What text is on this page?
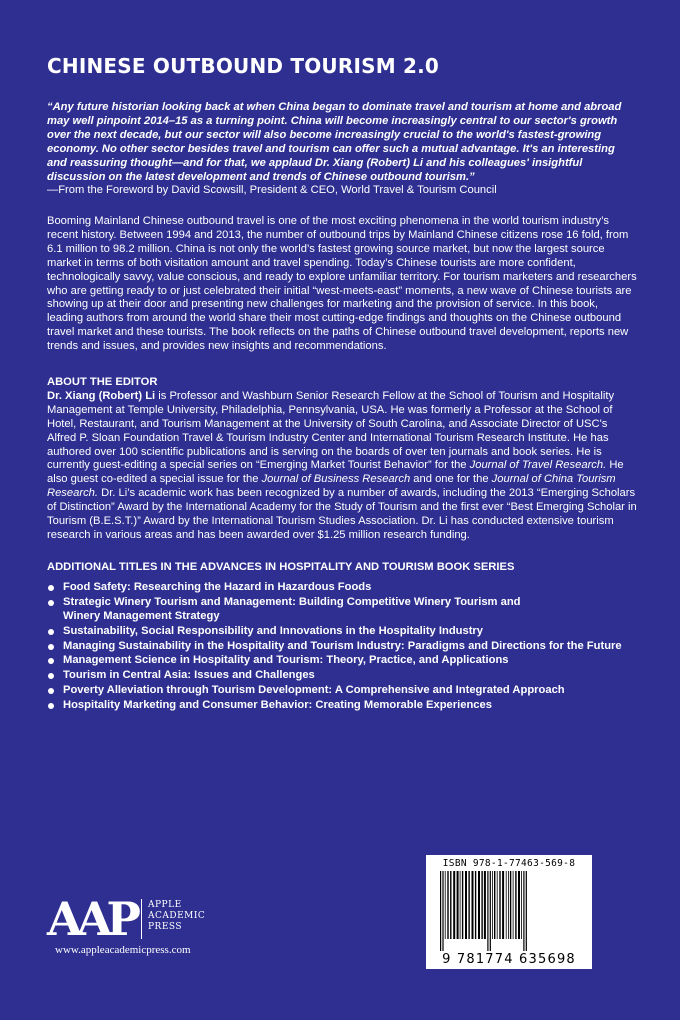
CHINESE OUTBOUND TOURISM 2.0
“Any future historian looking back at when China began to dominate travel and tourism at home and abroad may well pinpoint 2014–15 as a turning point. China will become increasingly central to our sector's growth over the next decade, but our sector will also become increasingly crucial to the world's fastest-growing economy. No other sector besides travel and tourism can offer such a mutual advantage. It's an interesting and reassuring thought—and for that, we applaud Dr. Xiang (Robert) Li and his colleagues' insightful discussion on the latest development and trends of Chinese outbound tourism.”
—From the Foreword by David Scowsill, President & CEO, World Travel & Tourism Council
Booming Mainland Chinese outbound travel is one of the most exciting phenomena in the world tourism industry’s recent history. Between 1994 and 2013, the number of outbound trips by Mainland Chinese citizens rose 16 fold, from 6.1 million to 98.2 million. China is not only the world’s fastest growing source market, but now the largest source market in terms of both visitation amount and travel spending. Today’s Chinese tourists are more confident, technologically savvy, value conscious, and ready to explore unfamiliar territory. For tourism marketers and researchers who are getting ready to or just celebrated their initial “west-meets-east” moments, a new wave of Chinese tourists are showing up at their door and presenting new challenges for marketing and the provision of service. In this book, leading authors from around the world share their most cutting-edge findings and thoughts on the Chinese outbound travel market and these tourists. The book reflects on the paths of Chinese outbound travel development, reports new trends and issues, and provides new insights and recommendations.
ABOUT THE EDITOR
Dr. Xiang (Robert) Li is Professor and Washburn Senior Research Fellow at the School of Tourism and Hospitality Management at Temple University, Philadelphia, Pennsylvania, USA. He was formerly a Professor at the School of Hotel, Restaurant, and Tourism Management at the University of South Carolina, and Associate Director of USC's Alfred P. Sloan Foundation Travel & Tourism Industry Center and International Tourism Research Institute. He has authored over 100 scientific publications and is serving on the boards of over ten journals and book series. He is currently guest-editing a special series on “Emerging Market Tourist Behavior” for the Journal of Travel Research. He also guest co-edited a special issue for the Journal of Business Research and one for the Journal of China Tourism Research. Dr. Li’s academic work has been recognized by a number of awards, including the 2013 “Emerging Scholars of Distinction” Award by the International Academy for the Study of Tourism and the first ever “Best Emerging Scholar in Tourism (B.E.S.T.)” Award by the International Tourism Studies Association. Dr. Li has conducted extensive tourism research in various areas and has been awarded over $1.25 million research funding.
ADDITIONAL TITLES IN THE ADVANCES IN HOSPITALITY AND TOURISM BOOK SERIES
Food Safety: Researching the Hazard in Hazardous Foods
Strategic Winery Tourism and Management: Building Competitive Winery Tourism and Winery Management Strategy
Sustainability, Social Responsibility and Innovations in the Hospitality Industry
Managing Sustainability in the Hospitality and Tourism Industry: Paradigms and Directions for the Future
Management Science in Hospitality and Tourism: Theory, Practice, and Applications
Tourism in Central Asia: Issues and Challenges
Poverty Alleviation through Tourism Development: A Comprehensive and Integrated Approach
Hospitality Marketing and Consumer Behavior: Creating Memorable Experiences
ISBN 978-1-77463-569-8
9 781774 635698
AAP APPLE
ACADEMIC
PRESS
www.appleacademicpress.com
